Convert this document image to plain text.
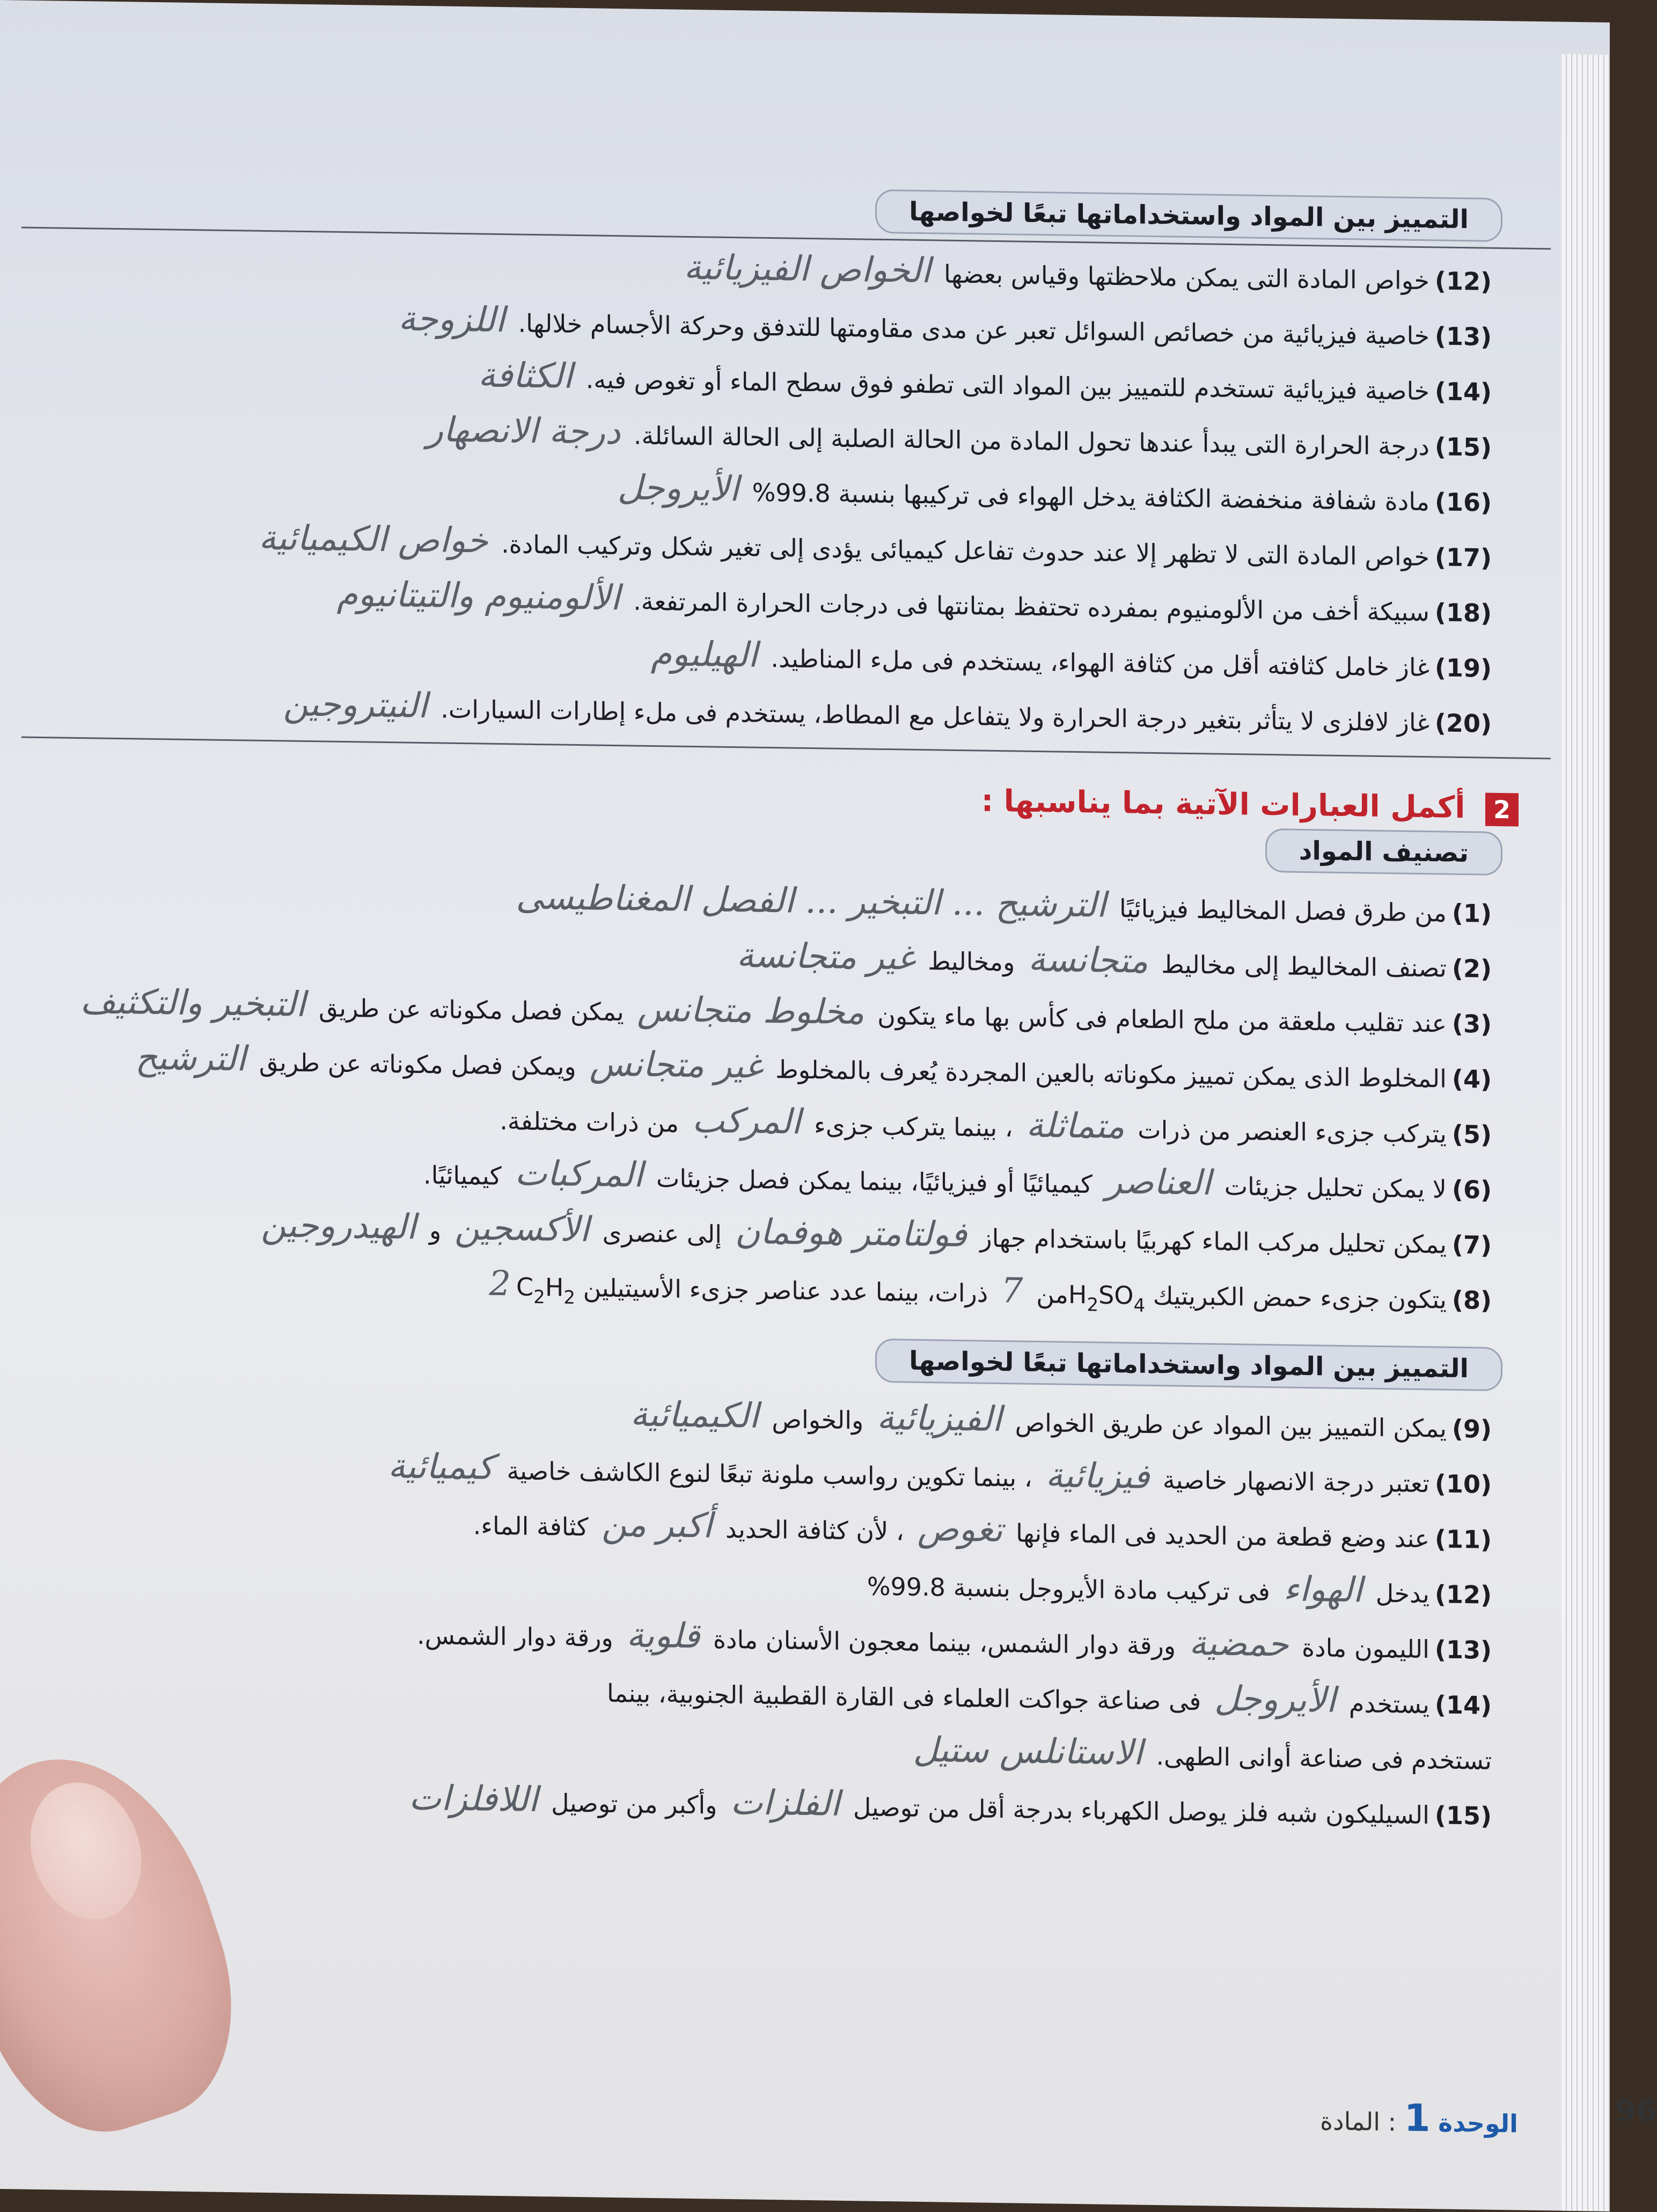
التمييز بين المواد واستخداماتها تبعًا لخواصها
(12)خواص المادة التى يمكن ملاحظتها وقياس بعضها الخواص الفيزيائية
(13)خاصية فيزيائية من خصائص السوائل تعبر عن مدى مقاومتها للتدفق وحركة الأجسام خلالها. اللزوجة
(14)خاصية فيزيائية تستخدم للتمييز بين المواد التى تطفو فوق سطح الماء أو تغوص فيه. الكثافة
(15)درجة الحرارة التى يبدأ عندها تحول المادة من الحالة الصلبة إلى الحالة السائلة. درجة الانصهار
(16)مادة شفافة منخفضة الكثافة يدخل الهواء فى تركيبها بنسبة 99.8% الأيروجل
(17)خواص المادة التى لا تظهر إلا عند حدوث تفاعل كيميائى يؤدى إلى تغير شكل وتركيب المادة. خواص الكيميائية
(18)سبيكة أخف من الألومنيوم بمفرده تحتفظ بمتانتها فى درجات الحرارة المرتفعة. الألومنيوم والتيتانيوم
(19)غاز خامل كثافته أقل من كثافة الهواء، يستخدم فى ملء المناطيد. الهيليوم
(20)غاز لافلزى لا يتأثر بتغير درجة الحرارة ولا يتفاعل مع المطاط، يستخدم فى ملء إطارات السيارات. النيتروجين
2 أكمل العبارات الآتية بما يناسبها :
تصنيف المواد
(1)من طرق فصل المخاليط فيزيائيًا الترشيح ... التبخير ... الفصل المغناطيسى
(2)تصنف المخاليط إلى مخاليط متجانسة ومخاليط غير متجانسة
(3)عند تقليب ملعقة من ملح الطعام فى كأس بها ماء يتكون مخلوط متجانس يمكن فصل مكوناته عن طريق التبخير والتكثيف
(4)المخلوط الذى يمكن تمييز مكوناته بالعين المجردة يُعرف بالمخلوط غير متجانس ويمكن فصل مكوناته عن طريق الترشيح
(5)يتركب جزىء العنصر من ذرات متماثلة ، بينما يتركب جزىء المركب من ذرات مختلفة.
(6)لا يمكن تحليل جزيئات العناصر كيميائيًا أو فيزيائيًا، بينما يمكن فصل جزيئات المركبات كيميائيًا.
(7)يمكن تحليل مركب الماء كهربيًا باستخدام جهاز فولتامتر هوفمان إلى عنصرى الأكسجين و الهيدروجين
(8)يتكون جزىء حمض الكبريتيك $H_2SO_4من$ 7 ذرات، بينما عدد عناصر جزىء الأسيتيلين $C_2H_22$
التمييز بين المواد واستخداماتها تبعًا لخواصها
(9)يمكن التمييز بين المواد عن طريق الخواص الفيزيائية والخواص الكيميائية
(10)تعتبر درجة الانصهار خاصية فيزيائية ، بينما تكوين رواسب ملونة تبعًا لنوع الكاشف خاصية كيميائية
(11)عند وضع قطعة من الحديد فى الماء فإنها تغوص ، لأن كثافة الحديد أكبر من كثافة الماء.
(12)يدخل الهواء فى تركيب مادة الأيروجل بنسبة 99.8%
(13)الليمون مادة حمضية ورقة دوار الشمس، بينما معجون الأسنان مادة قلوية ورقة دوار الشمس.
(14)يستخدم الأيروجل فى صناعة جواكت العلماء فى القارة القطبية الجنوبية، بينما
تستخدم فى صناعة أوانى الطهى. الاستانلس ستيل
(15)السيليكون شبه فلز يوصل الكهرباء بدرجة أقل من توصيل الفلزات وأكبر من توصيل اللافلزات
الوحدة 1 : المادة	96
